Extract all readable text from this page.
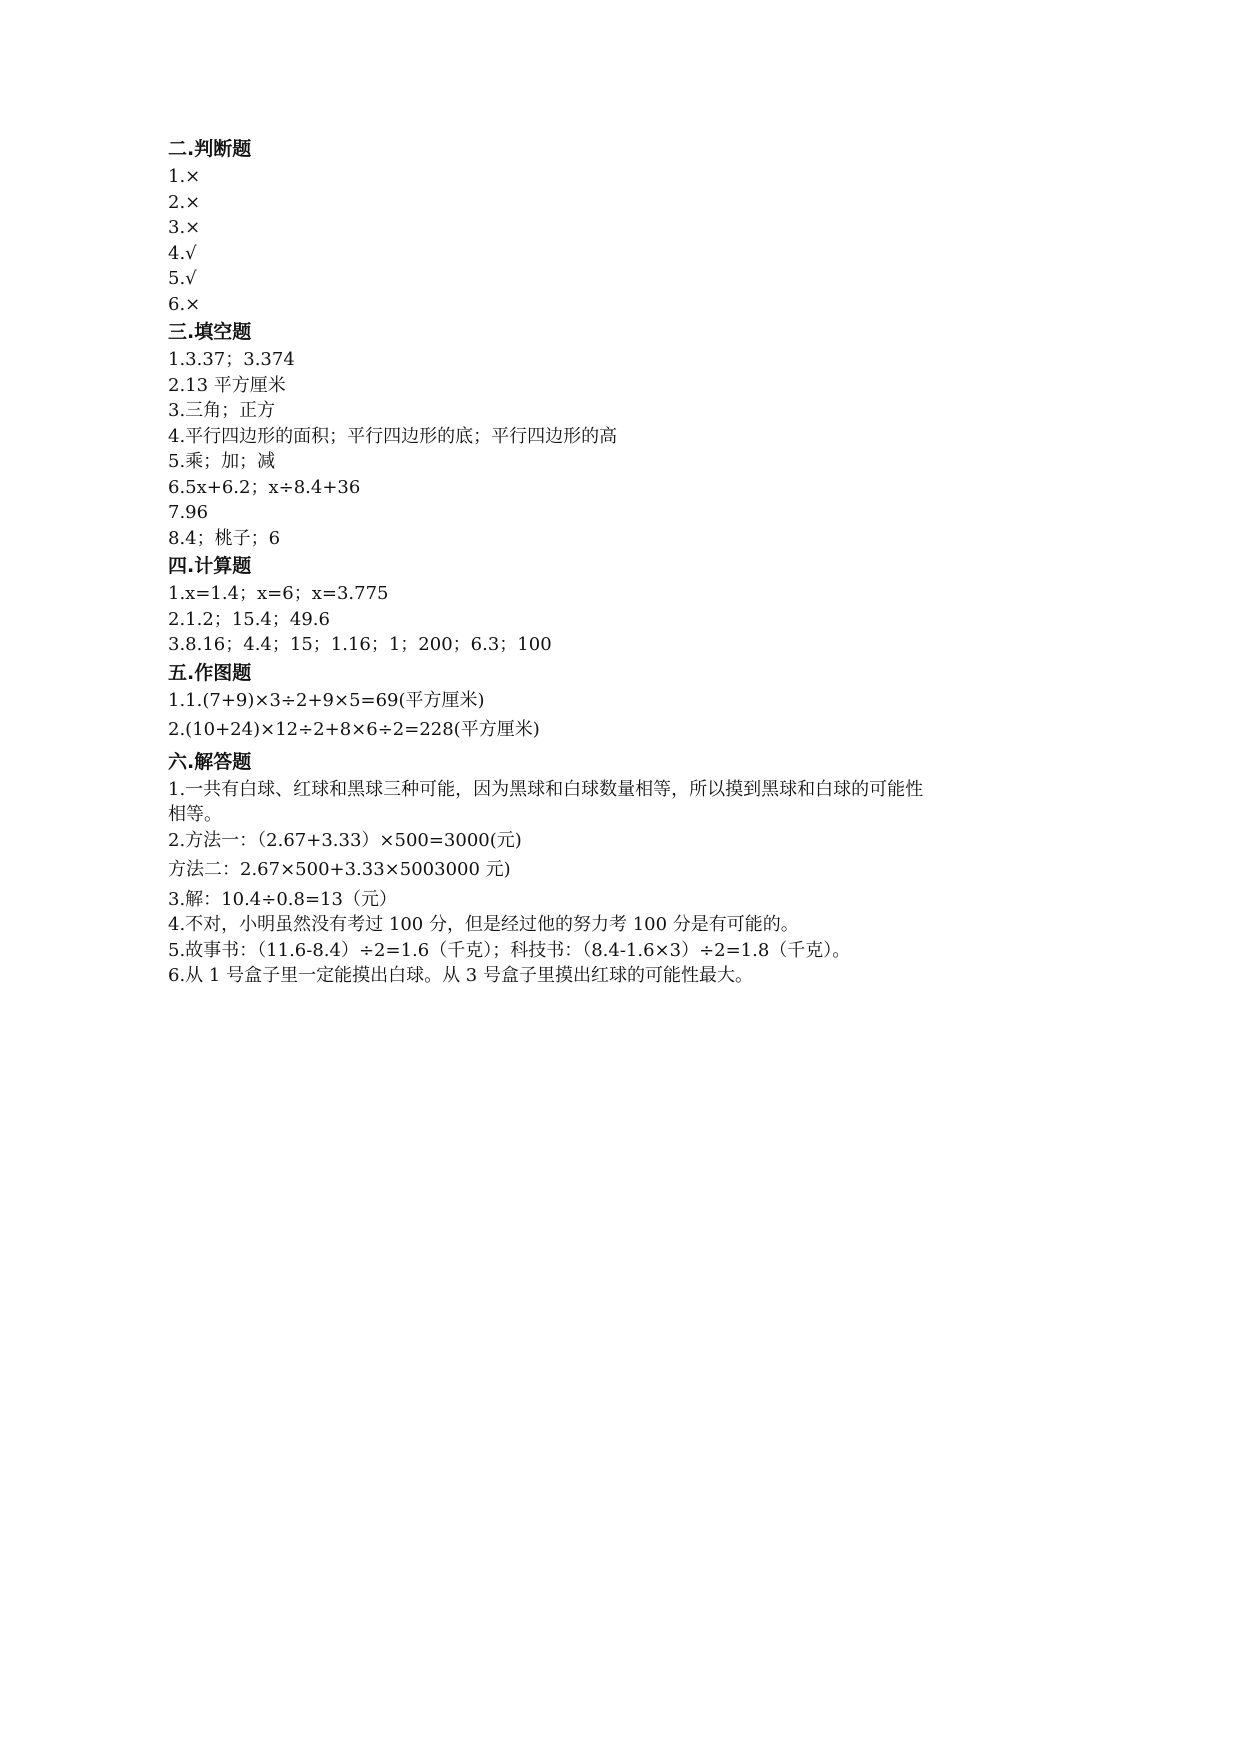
二.判断题
1.×
2.×
3.×
4.√
5.√
6.×
三.填空题
1.3.37；3.374
2.13 平方厘米
3.三角；正方
4.平行四边形的面积；平行四边形的底；平行四边形的高
5.乘；加；减
6.5x+6.2；x÷8.4+36
7.96
8.4；桃子；6
四.计算题
1.x=1.4；x=6；x=3.775
2.1.2；15.4；49.6
3.8.16；4.4；15；1.16；1；200；6.3；100
五.作图题
1.1.(7+9)×3÷2+9×5=69(平方厘米)
2.(10+24)×12÷2+8×6÷2=228(平方厘米)
六.解答题
1.一共有白球、红球和黑球三种可能，因为黑球和白球数量相等，所以摸到黑球和白球的可能性相等。
2.方法一：（2.67+3.33）×500=3000(元)
方法二：2.67×500+3.33×5003000 元)
3.解：10.4÷0.8=13（元）
4.不对，小明虽然没有考过 100 分，但是经过他的努力考 100 分是有可能的。
5.故事书：（11.6-8.4）÷2=1.6（千克）；科技书：（8.4-1.6×3）÷2=1.8（千克）。
6.从 1 号盒子里一定能摸出白球。从 3 号盒子里摸出红球的可能性最大。
